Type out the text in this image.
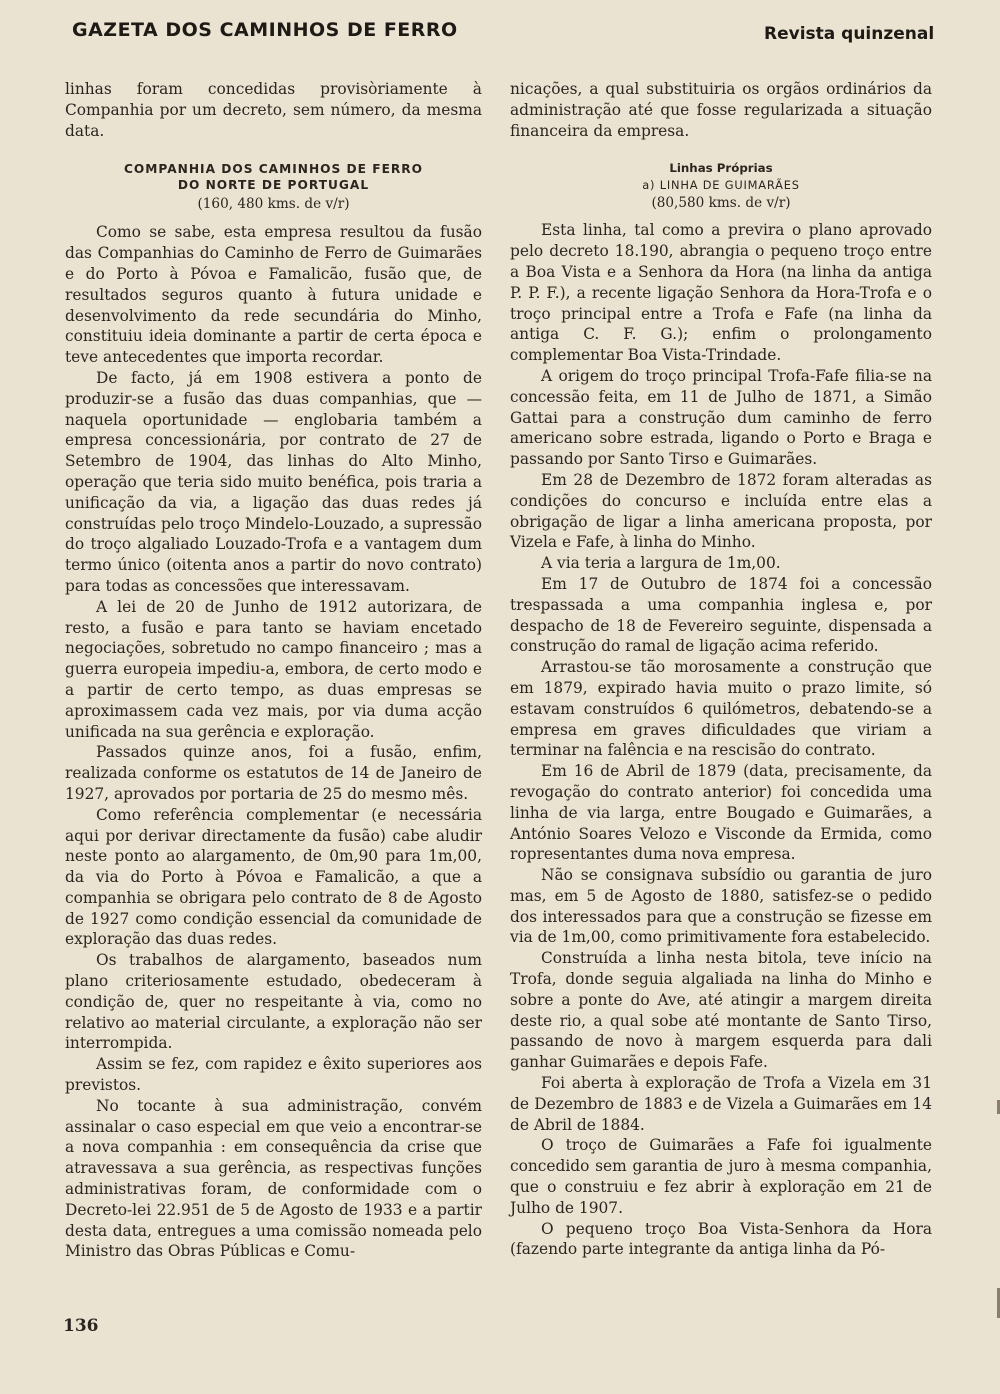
GAZETA DOS CAMINHOS DE FERRO	Revista quinzenal

linhas foram concedidas provisòriamente à Companhia por um decreto, sem número, da mesma data.

COMPANHIA DOS CAMINHOS DE FERRO
DO NORTE DE PORTUGAL
(160, 480 kms. de v/r)

Como se sabe, esta empresa resultou da fusão das Companhias do Caminho de Ferro de Guimarães e do Porto à Póvoa e Famalicão, fusão que, de resultados seguros quanto à futura unidade e desenvolvimento da rede secundária do Minho, constituiu ideia dominante a partir de certa época e teve antecedentes que importa recordar.

De facto, já em 1908 estivera a ponto de produzir-se a fusão das duas companhias, que — naquela oportunidade — englobaria também a empresa concessionária, por contrato de 27 de Setembro de 1904, das linhas do Alto Minho, operação que teria sido muito benéfica, pois traria a unificação da via, a ligação das duas redes já construídas pelo troço Mindelo-Louzado, a supressão do troço algaliado Louzado-Trofa e a vantagem dum termo único (oitenta anos a partir do novo contrato) para todas as concessões que interessavam.

A lei de 20 de Junho de 1912 autorizara, de resto, a fusão e para tanto se haviam encetado negociações, sobretudo no campo financeiro ; mas a guerra europeia impediu-a, embora, de certo modo e a partir de certo tempo, as duas empresas se aproximassem cada vez mais, por via duma acção unificada na sua gerência e exploração.

Passados quinze anos, foi a fusão, enfim, realizada conforme os estatutos de 14 de Janeiro de 1927, aprovados por portaria de 25 do mesmo mês.

Como referência complementar (e necessária aqui por derivar directamente da fusão) cabe aludir neste ponto ao alargamento, de 0m,90 para 1m,00, da via do Porto à Póvoa e Famalicão, a que a companhia se obrigara pelo contrato de 8 de Agosto de 1927 como condição essencial da comunidade de exploração das duas redes.

Os trabalhos de alargamento, baseados num plano criteriosamente estudado, obedeceram à condição de, quer no respeitante à via, como no relativo ao material circulante, a exploração não ser interrompida.

Assim se fez, com rapidez e êxito superiores aos previstos.

No tocante à sua administração, convém assinalar o caso especial em que veio a encontrar-se a nova companhia : em consequência da crise que atravessava a sua gerência, as respectivas funções administrativas foram, de conformidade com o Decreto-lei 22.951 de 5 de Agosto de 1933 e a partir desta data, entregues a uma comissão nomeada pelo Ministro das Obras Públicas e Comu-

nicações, a qual substituiria os orgãos ordinários da administração até que fosse regularizada a situação financeira da empresa.

Linhas Próprias
a) LINHA DE GUIMARÃES
(80,580 kms. de v/r)

Esta linha, tal como a previra o plano aprovado pelo decreto 18.190, abrangia o pequeno troço entre a Boa Vista e a Senhora da Hora (na linha da antiga P. P. F.), a recente ligação Senhora da Hora-Trofa e o troço principal entre a Trofa e Fafe (na linha da antiga C. F. G.); enfim o prolongamento complementar Boa Vista-Trindade.

A origem do troço principal Trofa-Fafe filia-se na concessão feita, em 11 de Julho de 1871, a Simão Gattai para a construção dum caminho de ferro americano sobre estrada, ligando o Porto e Braga e passando por Santo Tirso e Guimarães.

Em 28 de Dezembro de 1872 foram alteradas as condições do concurso e incluída entre elas a obrigação de ligar a linha americana proposta, por Vizela e Fafe, à linha do Minho.

A via teria a largura de 1m,00.

Em 17 de Outubro de 1874 foi a concessão trespassada a uma companhia inglesa e, por despacho de 18 de Fevereiro seguinte, dispensada a construção do ramal de ligação acima referido.

Arrastou-se tão morosamente a construção que em 1879, expirado havia muito o prazo limite, só estavam construídos 6 quilómetros, debatendo-se a empresa em graves dificuldades que viriam a terminar na falência e na rescisão do contrato.

Em 16 de Abril de 1879 (data, precisamente, da revogação do contrato anterior) foi concedida uma linha de via larga, entre Bougado e Guimarães, a António Soares Velozo e Visconde da Ermida, como ropresentantes duma nova empresa.

Não se consignava subsídio ou garantia de juro mas, em 5 de Agosto de 1880, satisfez-se o pedido dos interessados para que a construção se fizesse em via de 1m,00, como primitivamente fora estabelecido.

Construída a linha nesta bitola, teve início na Trofa, donde seguia algaliada na linha do Minho e sobre a ponte do Ave, até atingir a margem direita deste rio, a qual sobe até montante de Santo Tirso, passando de novo à margem esquerda para dali ganhar Guimarães e depois Fafe.

Foi aberta à exploração de Trofa a Vizela em 31 de Dezembro de 1883 e de Vizela a Guimarães em 14 de Abril de 1884.

O troço de Guimarães a Fafe foi igualmente concedido sem garantia de juro à mesma companhia, que o construiu e fez abrir à exploração em 21 de Julho de 1907.

O pequeno troço Boa Vista-Senhora da Hora (fazendo parte integrante da antiga linha da Pó-

136
